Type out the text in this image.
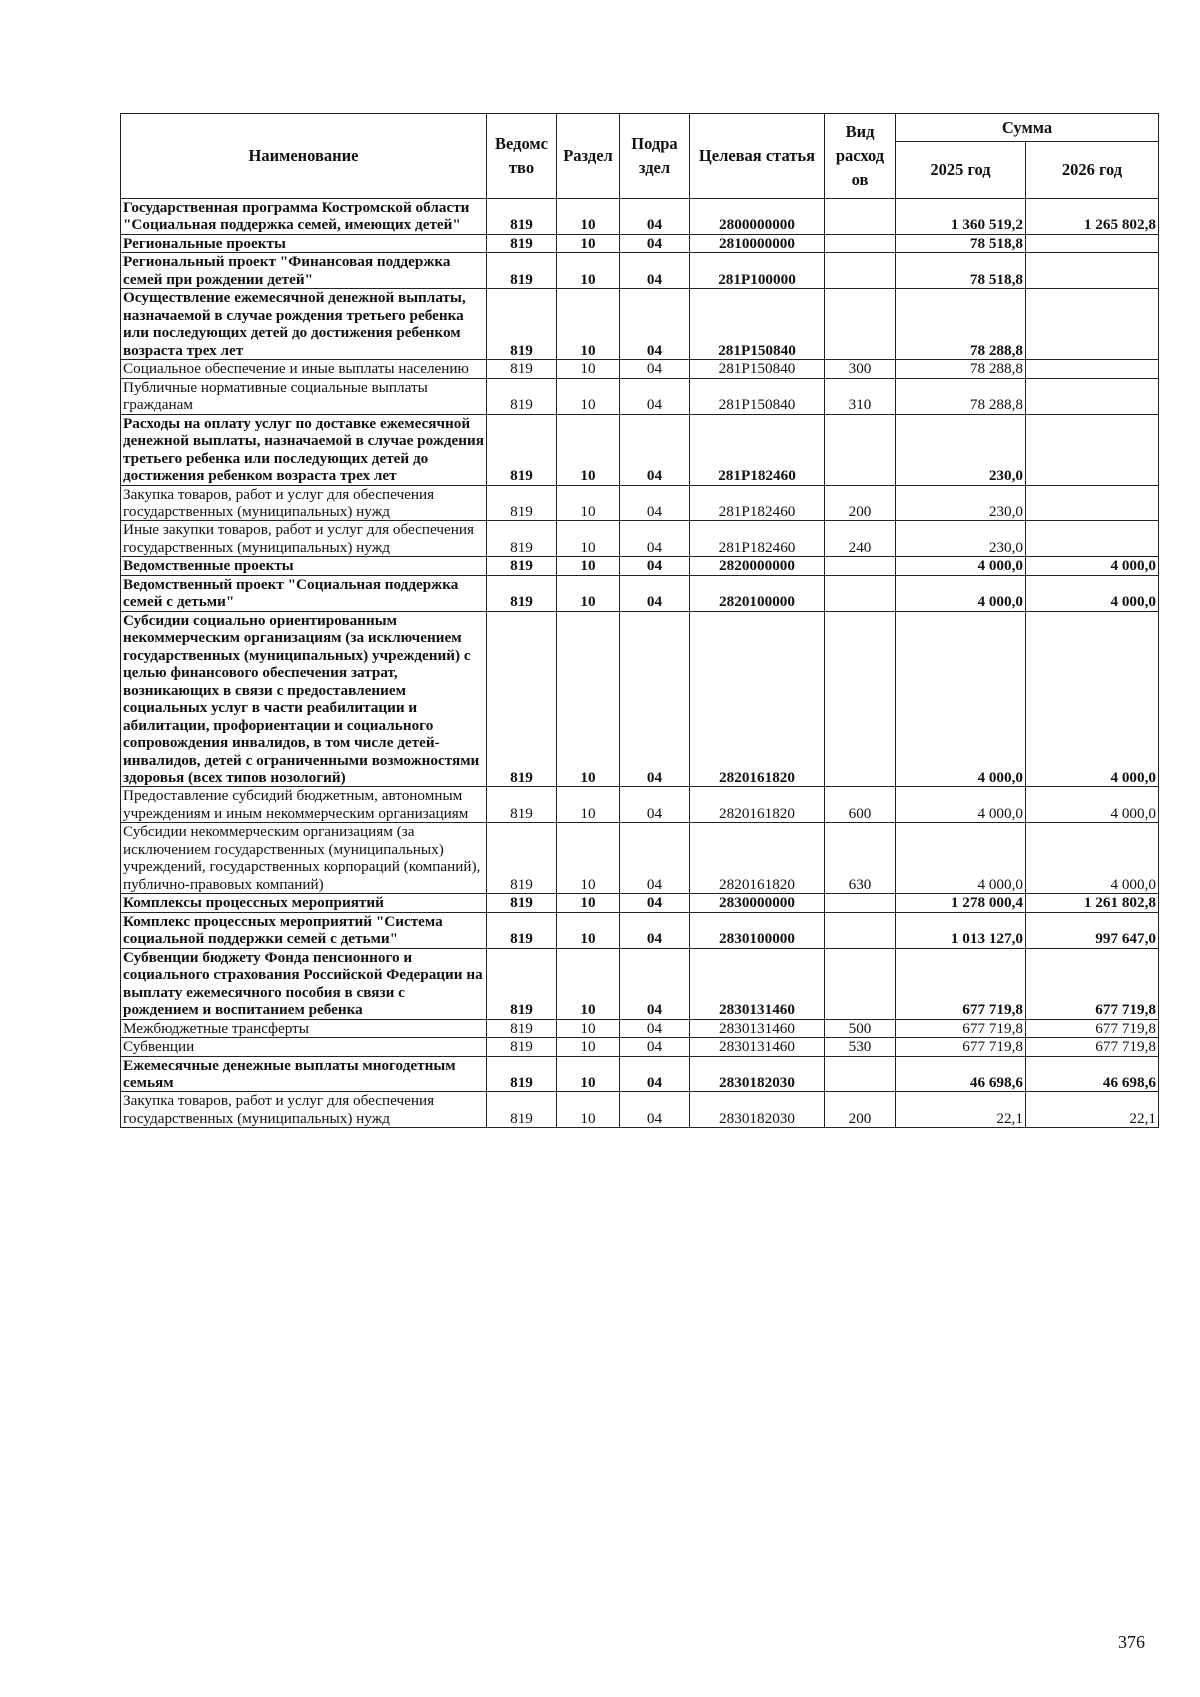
Наименование	Ведомс тво	Раздел	Подра здел	Целевая статья	Вид расход ов	Сумма	
						2025 год	2026 год
Государственная программа Костромской области "Социальная поддержка семей, имеющих детей"	819	10	04	2800000000		1 360 519,2	1 265 802,8
Региональные проекты	819	10	04	2810000000		78 518,8	
Региональный проект "Финансовая поддержка семей при рождении детей"	819	10	04	281Р100000		78 518,8	
Осуществление ежемесячной денежной выплаты, назначаемой в случае рождения третьего ребенка или последующих детей до достижения ребенком возраста трех лет	819	10	04	281Р150840		78 288,8	
Социальное обеспечение и иные выплаты населению	819	10	04	281Р150840	300	78 288,8	
Публичные нормативные социальные выплаты гражданам	819	10	04	281Р150840	310	78 288,8	
Расходы на оплату услуг по доставке ежемесячной денежной выплаты, назначаемой в случае рождения третьего ребенка или последующих детей до достижения ребенком возраста трех лет	819	10	04	281Р182460		230,0	
Закупка товаров, работ и услуг для обеспечения государственных (муниципальных) нужд	819	10	04	281Р182460	200	230,0	
Иные закупки товаров, работ и услуг для обеспечения государственных (муниципальных) нужд	819	10	04	281Р182460	240	230,0	
Ведомственные проекты	819	10	04	2820000000		4 000,0	4 000,0
Ведомственный проект "Социальная поддержка семей с детьми"	819	10	04	2820100000		4 000,0	4 000,0
Субсидии социально ориентированным некоммерческим организациям (за исключением государственных (муниципальных) учреждений) с целью финансового обеспечения затрат, возникающих в связи с предоставлением социальных услуг в части реабилитации и абилитации, профориентации и социального сопровождения инвалидов, в том числе детей-инвалидов, детей с ограниченными возможностями здоровья (всех типов нозологий)	819	10	04	2820161820		4 000,0	4 000,0
Предоставление субсидий бюджетным, автономным учреждениям и иным некоммерческим организациям	819	10	04	2820161820	600	4 000,0	4 000,0
Субсидии некоммерческим организациям (за исключением государственных (муниципальных) учреждений, государственных корпораций (компаний), публично-правовых компаний)	819	10	04	2820161820	630	4 000,0	4 000,0
Комплексы процессных мероприятий	819	10	04	2830000000		1 278 000,4	1 261 802,8
Комплекс процессных мероприятий "Система социальной поддержки семей с детьми"	819	10	04	2830100000		1 013 127,0	997 647,0
Субвенции бюджету Фонда пенсионного и социального страхования Российской Федерации на выплату ежемесячного пособия в связи с рождением и воспитанием ребенка	819	10	04	2830131460		677 719,8	677 719,8
Межбюджетные трансферты	819	10	04	2830131460	500	677 719,8	677 719,8
Субвенции	819	10	04	2830131460	530	677 719,8	677 719,8
Ежемесячные денежные выплаты многодетным семьям	819	10	04	2830182030		46 698,6	46 698,6
Закупка товаров, работ и услуг для обеспечения государственных (муниципальных) нужд	819	10	04	2830182030	200	22,1	22,1
376
